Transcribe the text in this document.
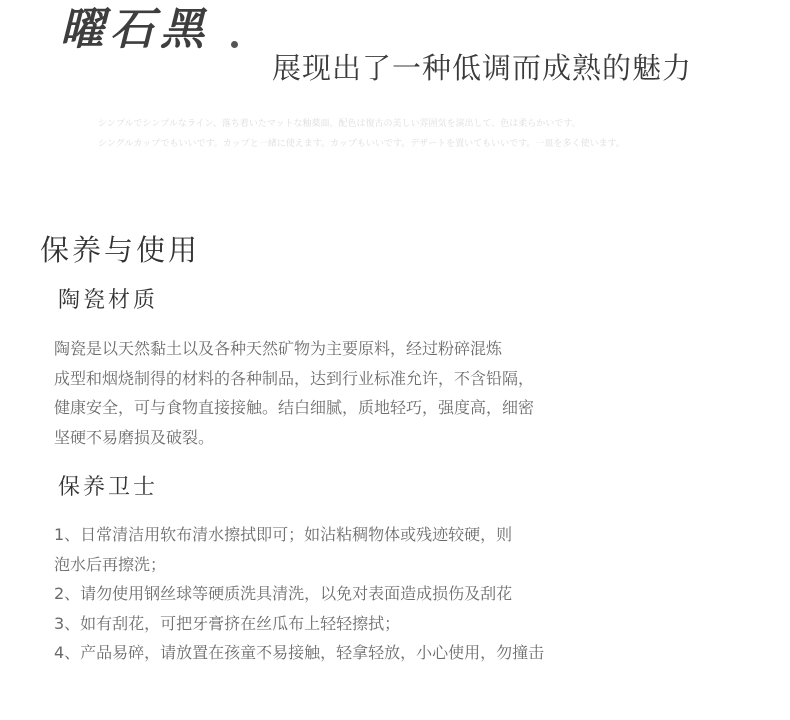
曜石黑
展现出了一种低调而成熟的魅力
シンプルでシンプルなライン、落ち着いたマットな釉薬面、配色は復古の美しい雰囲気を演出して、色は柔らかいです。
シングルカップでもいいです。カップと一緒に使えます。カップもいいです。デザートを置いてもいいです。一皿を多く使います。
保养与使用
陶瓷材质
陶瓷是以天然黏土以及各种天然矿物为主要原料，经过粉碎混炼
成型和烟烧制得的材料的各种制品，达到行业标准允许，不含铅隔，
健康安全，可与食物直接接触。结白细腻，质地轻巧，强度高，细密
坚硬不易磨损及破裂。
保养卫士
1、日常清洁用软布清水擦拭即可；如沾粘稠物体或残迹较硬，则
泡水后再擦洗；
2、请勿使用钢丝球等硬质洗具清洗，以免对表面造成损伤及刮花
3、如有刮花，可把牙膏挤在丝瓜布上轻轻擦拭；
4、产品易碎，请放置在孩童不易接触，轻拿轻放，小心使用，勿撞击
